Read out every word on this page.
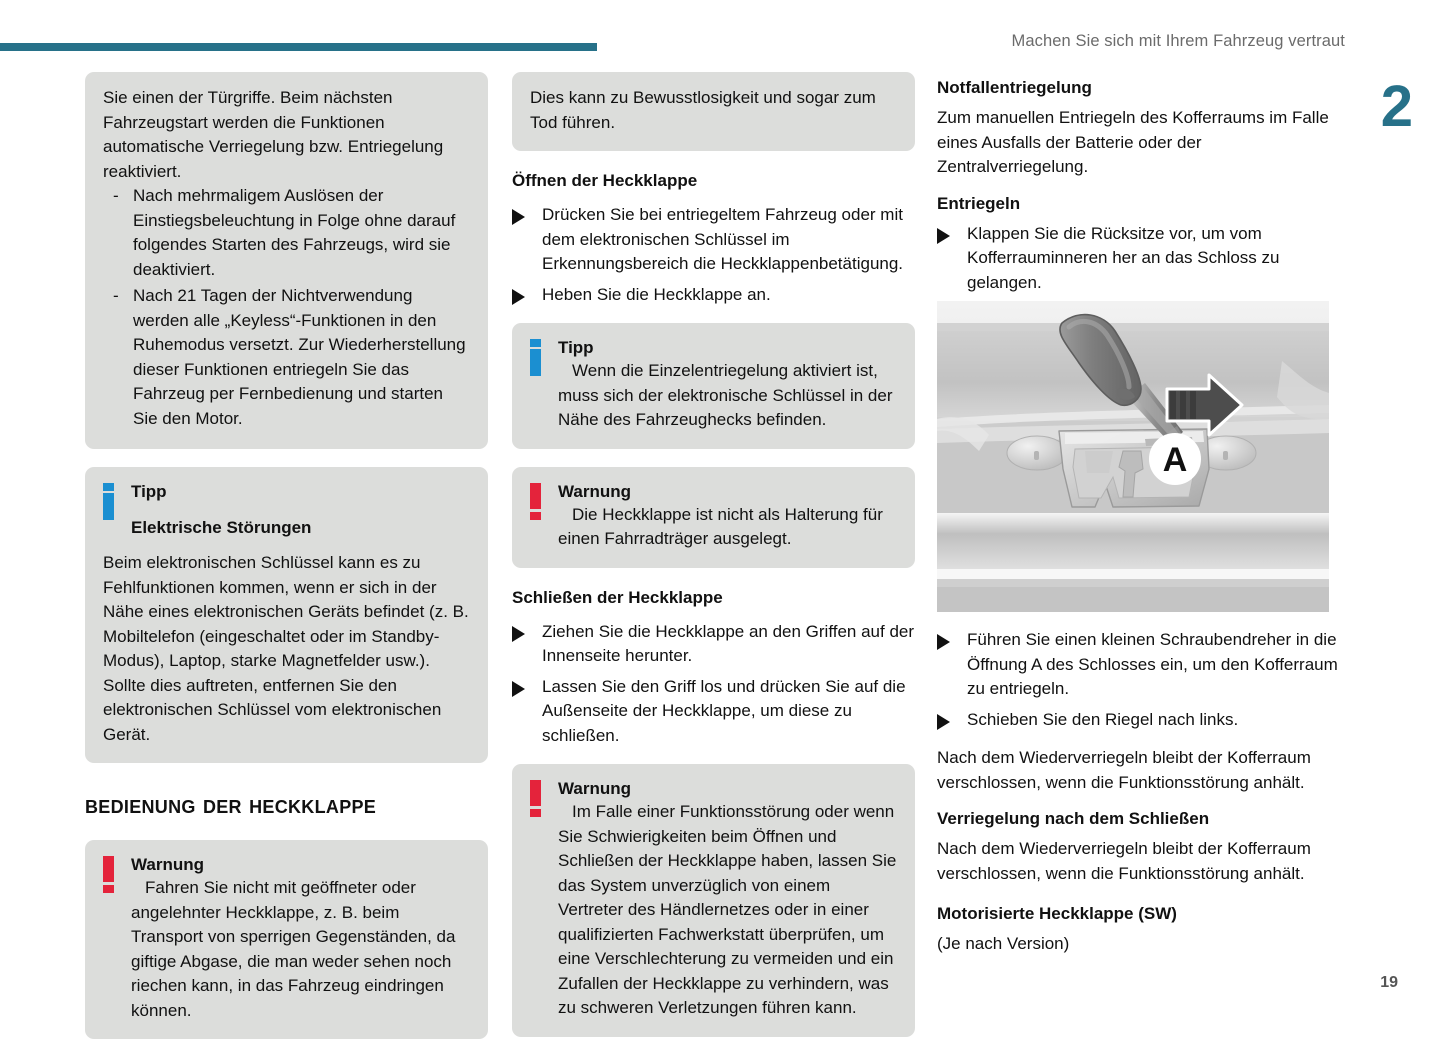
Machen Sie sich mit Ihrem Fahrzeug vertraut
2
19
Sie einen der Türgriffe. Beim nächsten Fahrzeugstart werden die Funktionen automatische Verriegelung bzw. Entriegelung reaktiviert.
- Nach mehrmaligem Auslösen der Einstiegsbeleuchtung in Folge ohne darauf folgendes Starten des Fahrzeugs, wird sie deaktiviert.
- Nach 21 Tagen der Nichtverwendung werden alle „Keyless“-Funktionen in den Ruhemodus versetzt. Zur Wiederherstellung dieser Funktionen entriegeln Sie das Fahrzeug per Fernbedienung und starten Sie den Motor.
Tipp
Elektrische Störungen
Beim elektronischen Schlüssel kann es zu Fehlfunktionen kommen, wenn er sich in der Nähe eines elektronischen Geräts befindet (z. B. Mobiltelefon (eingeschaltet oder im Standby-Modus), Laptop, starke Magnetfelder usw.). Sollte dies auftreten, entfernen Sie den elektronischen Schlüssel vom elektronischen Gerät.
bedienung der heckklappe
Warnung
Fahren Sie nicht mit geöffneter oder angelehnter Heckklappe, z. B. beim Transport von sperrigen Gegenständen, da giftige Abgase, die man weder sehen noch riechen kann, in das Fahrzeug eindringen können.
Dies kann zu Bewusstlosigkeit und sogar zum Tod führen.
Öffnen der Heckklappe
Drücken Sie bei entriegeltem Fahrzeug oder mit dem elektronischen Schlüssel im Erkennungsbereich die Heckklappenbetätigung.
Heben Sie die Heckklappe an.
Tipp
Wenn die Einzelentriegelung aktiviert ist, muss sich der elektronische Schlüssel in der Nähe des Fahrzeughecks befinden.
Warnung
Die Heckklappe ist nicht als Halterung für einen Fahrradträger ausgelegt.
Schließen der Heckklappe
Ziehen Sie die Heckklappe an den Griffen auf der Innenseite herunter.
Lassen Sie den Griff los und drücken Sie auf die Außenseite der Heckklappe, um diese zu schließen.
Warnung
Im Falle einer Funktionsstörung oder wenn Sie Schwierigkeiten beim Öffnen und Schließen der Heckklappe haben, lassen Sie das System unverzüglich von einem Vertreter des Händlernetzes oder in einer qualifizierten Fachwerkstatt überprüfen, um eine Verschlechterung zu vermeiden und ein Zufallen der Heckklappe zu verhindern, was zu schweren Verletzungen führen kann.
Notfallentriegelung

Zum manuellen Entriegeln des Kofferraums im Falle eines Ausfalls der Batterie oder der Zentralverriegelung.

Entriegeln
Klappen Sie die Rücksitze vor, um vom Kofferrauminneren her an das Schloss zu gelangen.
A
Führen Sie einen kleinen Schraubendreher in die Öffnung A des Schlosses ein, um den Kofferraum zu entriegeln.
Schieben Sie den Riegel nach links.

Nach dem Wiederverriegeln bleibt der Kofferraum verschlossen, wenn die Funktionsstörung anhält.

Verriegelung nach dem Schließen

Nach dem Wiederverriegeln bleibt der Kofferraum verschlossen, wenn die Funktionsstörung anhält.

Motorisierte Heckklappe (SW)

(Je nach Version)
